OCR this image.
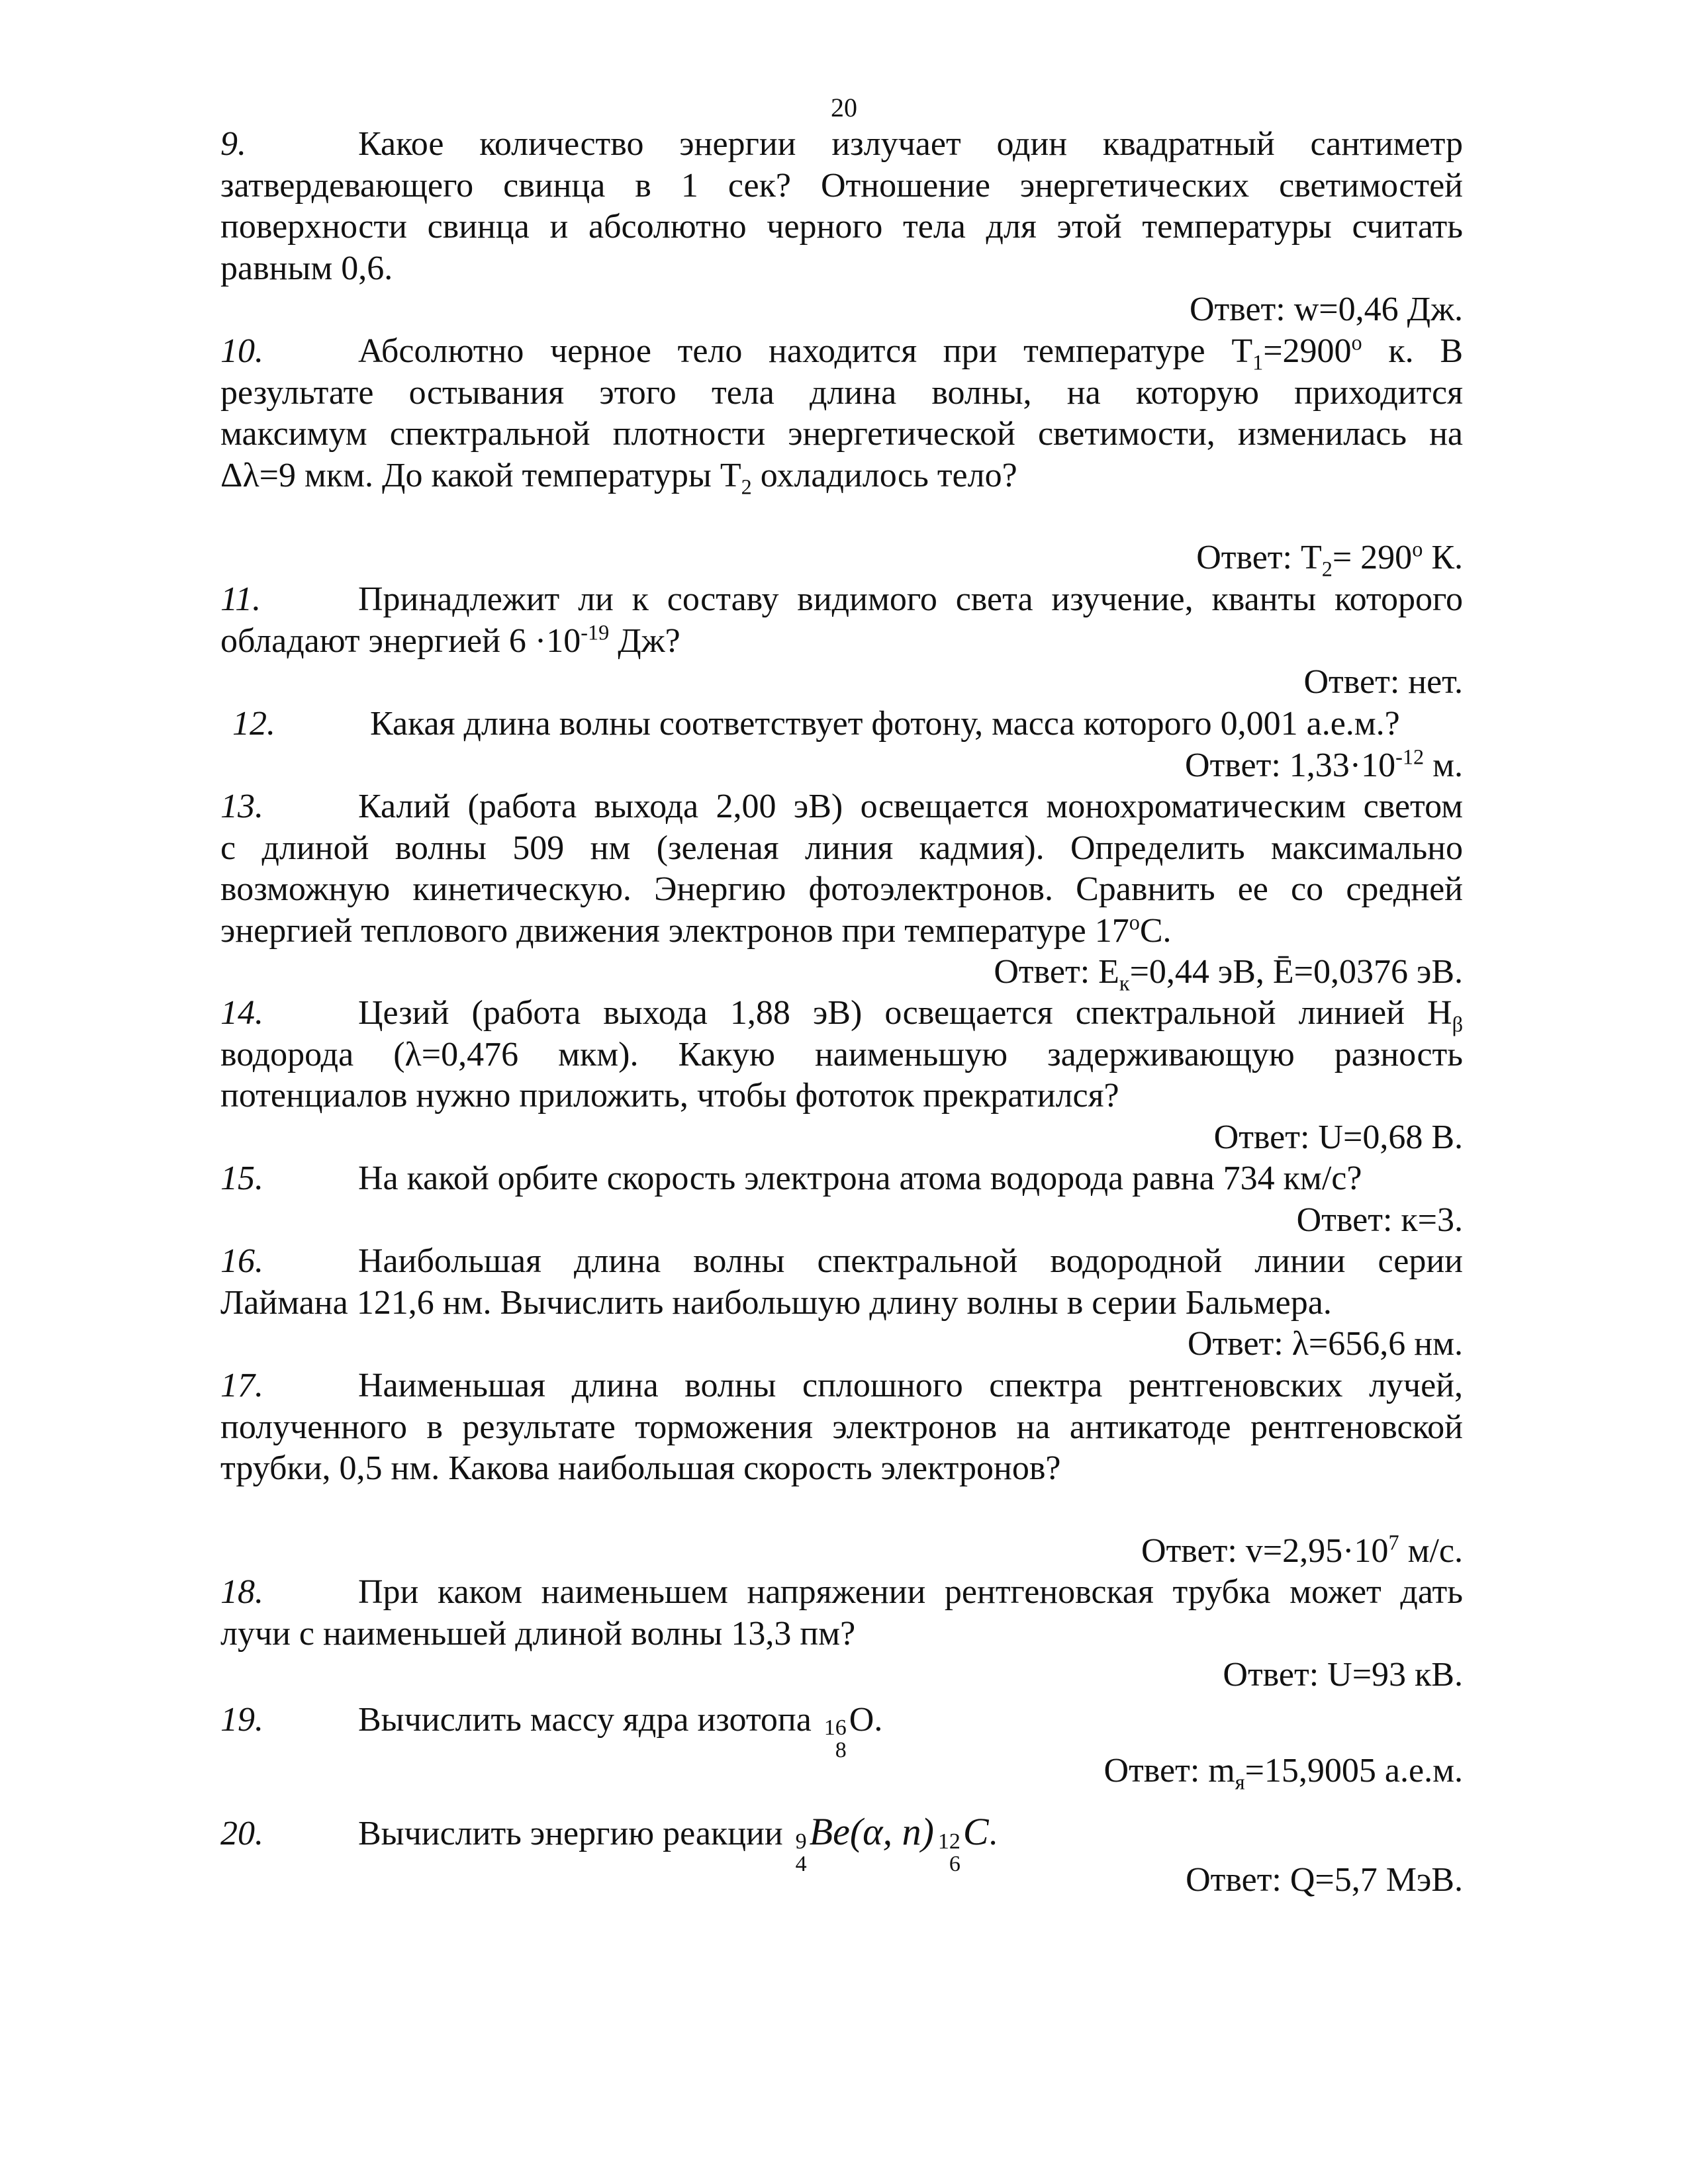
20
9.	Какое количество энергии излучает один квадратный сантиметр
затвердевающего свинца в 1 сек? Отношение энергетических светимостей
поверхности свинца и абсолютно черного тела для этой температуры считать
равным 0,6.
Ответ: w=0,46 Дж.
10.	Абсолютно черное тело находится при температуре $T_1=2900^o$ к. В
результате остывания этого тела длина волны, на которую приходится
максимум спектральной плотности энергетической светимости, изменилась на
Δλ=9 мкм. До какой температуры $T_2$ охладилось тело?
Ответ: $T_2= 290^o$ К.
11.	Принадлежит ли к составу видимого света изучение, кванты которого
обладают энергией $6 \cdot 10^{-19}$ Дж?
Ответ: нет.
12.	Какая длина волны соответствует фотону, масса которого 0,001 а.е.м.?
Ответ: $1,33\cdot 10^{-12}$ м.
13.	Калий (работа выхода 2,00 эВ) освещается монохроматическим светом
с длиной волны 509 нм (зеленая линия кадмия). Определить максимально
возможную кинетическую. Энергию фотоэлектронов. Сравнить ее со средней
энергией теплового движения электронов при температуре 17$^o$С.
Ответ: $E_к=0,44$ эВ, Ē=0,0376 эВ.
14.	Цезий (работа выхода 1,88 эВ) освещается спектральной линией $H_\beta$
водорода (λ=0,476 мкм). Какую наименьшую задерживающую разность
потенциалов нужно приложить, чтобы фототок прекратился?
Ответ: U=0,68 В.
15.	На какой орбите скорость электрона атома водорода равна 734 км/с?
Ответ: к=3.
16.	Наибольшая длина волны спектральной водородной линии серии
Лаймана 121,6 нм. Вычислить наибольшую длину волны в серии Бальмера.
Ответ: λ=656,6 нм.
17.	Наименьшая длина волны сплошного спектра рентгеновских лучей,
полученного в результате торможения электронов на антикатоде рентгеновской
трубки, 0,5 нм. Какова наибольшая скорость электронов?
Ответ: $v=2,95\cdot 10^7$ м/с.
18.	При каком наименьшем напряжении рентгеновская трубка может дать
лучи с наименьшей длиной волны 13,3 пм?
Ответ: U=93 кВ.
19.	Вычислить массу ядра изотопа 16
8
O.
Ответ: $m_я=15,9005$ а.е.м.
20.	Вычислить энергию реакции 9
4
Be(α, n) 12
6
C.
Ответ: Q=5,7 МэВ.
